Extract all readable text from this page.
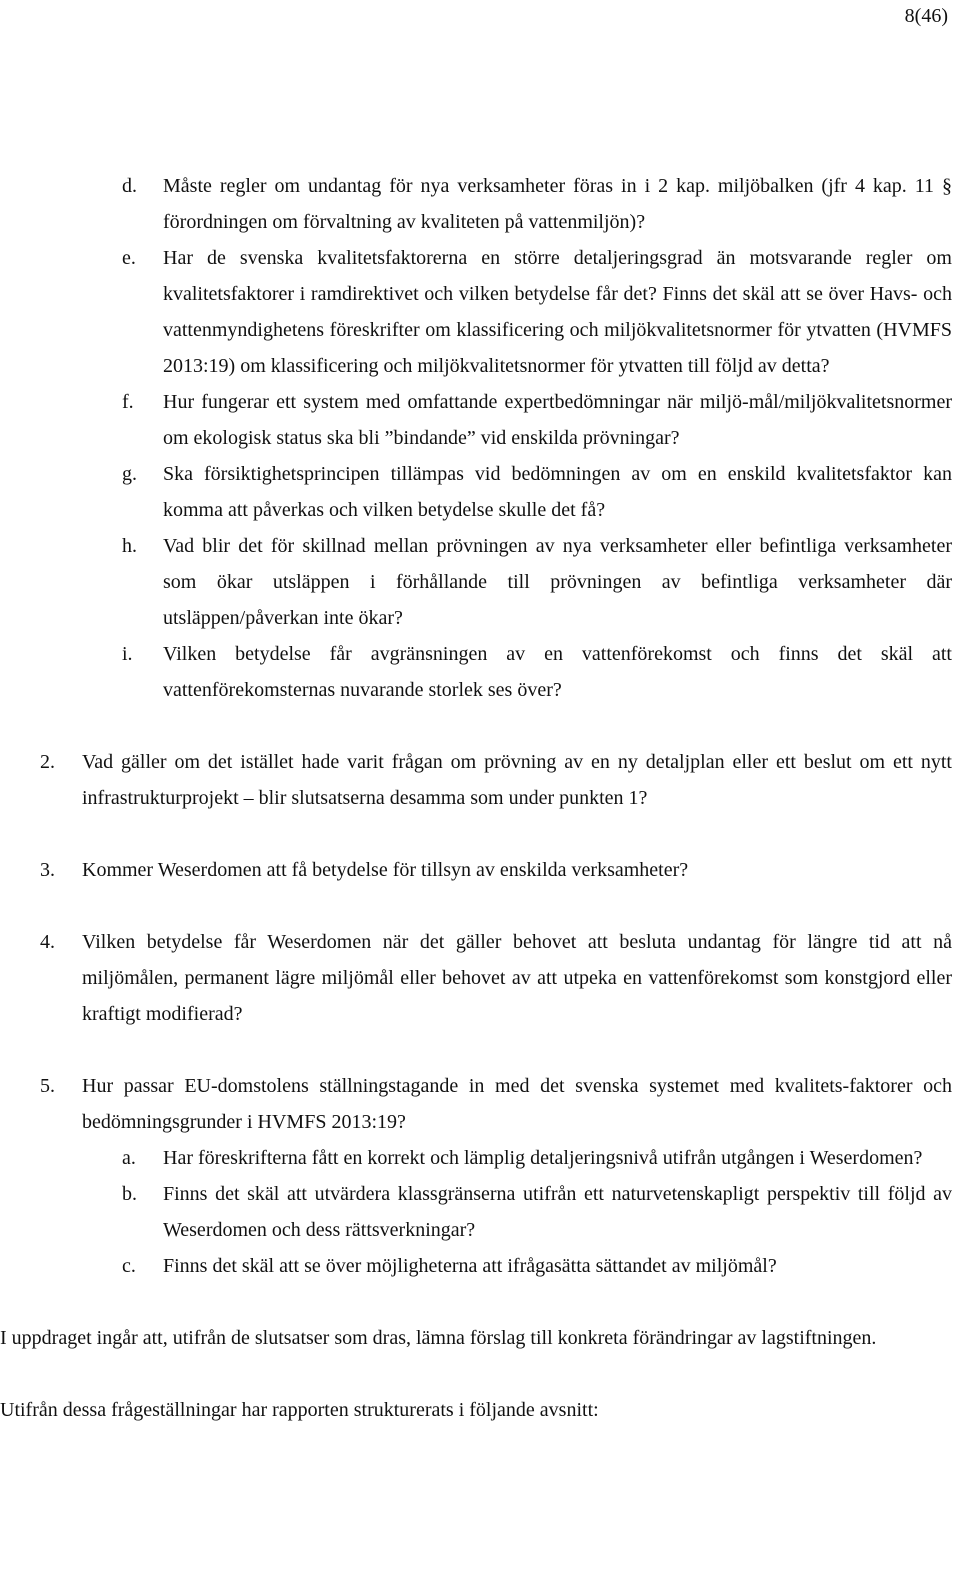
8(46)
d. Måste regler om undantag för nya verksamheter föras in i 2 kap. miljöbalken (jfr 4 kap. 11 § förordningen om förvaltning av kvaliteten på vattenmiljön)?
e. Har de svenska kvalitetsfaktorerna en större detaljeringsgrad än motsvarande regler om kvalitetsfaktorer i ramdirektivet och vilken betydelse får det? Finns det skäl att se över Havs- och vattenmyndighetens föreskrifter om klassificering och miljökvalitetsnormer för ytvatten (HVMFS 2013:19) om klassificering och miljökvalitetsnormer för ytvatten till följd av detta?
f. Hur fungerar ett system med omfattande expertbedömningar när miljö-mål/miljökvalitetsnormer om ekologisk status ska bli ”bindande” vid enskilda prövningar?
g. Ska försiktighetsprincipen tillämpas vid bedömningen av om en enskild kvalitetsfaktor kan komma att påverkas och vilken betydelse skulle det få?
h. Vad blir det för skillnad mellan prövningen av nya verksamheter eller befintliga verksamheter som ökar utsläppen i förhållande till prövningen av befintliga verksamheter där utsläppen/påverkan inte ökar?
i. Vilken betydelse får avgränsningen av en vattenförekomst och finns det skäl att vattenförekomsternas nuvarande storlek ses över?
2. Vad gäller om det istället hade varit frågan om prövning av en ny detaljplan eller ett beslut om ett nytt infrastrukturprojekt – blir slutsatserna desamma som under punkten 1?
3. Kommer Weserdomen att få betydelse för tillsyn av enskilda verksamheter?
4. Vilken betydelse får Weserdomen när det gäller behovet att besluta undantag för längre tid att nå miljömålen, permanent lägre miljömål eller behovet av att utpeka en vattenförekomst som konstgjord eller kraftigt modifierad?
5. Hur passar EU-domstolens ställningstagande in med det svenska systemet med kvalitets-faktorer och bedömningsgrunder i HVMFS 2013:19?
a. Har föreskrifterna fått en korrekt och lämplig detaljeringsnivå utifrån utgången i Weserdomen?
b. Finns det skäl att utvärdera klassgränserna utifrån ett naturvetenskapligt perspektiv till följd av Weserdomen och dess rättsverkningar?
c. Finns det skäl att se över möjligheterna att ifrågasätta sättandet av miljömål?

I uppdraget ingår att, utifrån de slutsatser som dras, lämna förslag till konkreta förändringar av lagstiftningen.

Utifrån dessa frågeställningar har rapporten strukturerats i följande avsnitt:
